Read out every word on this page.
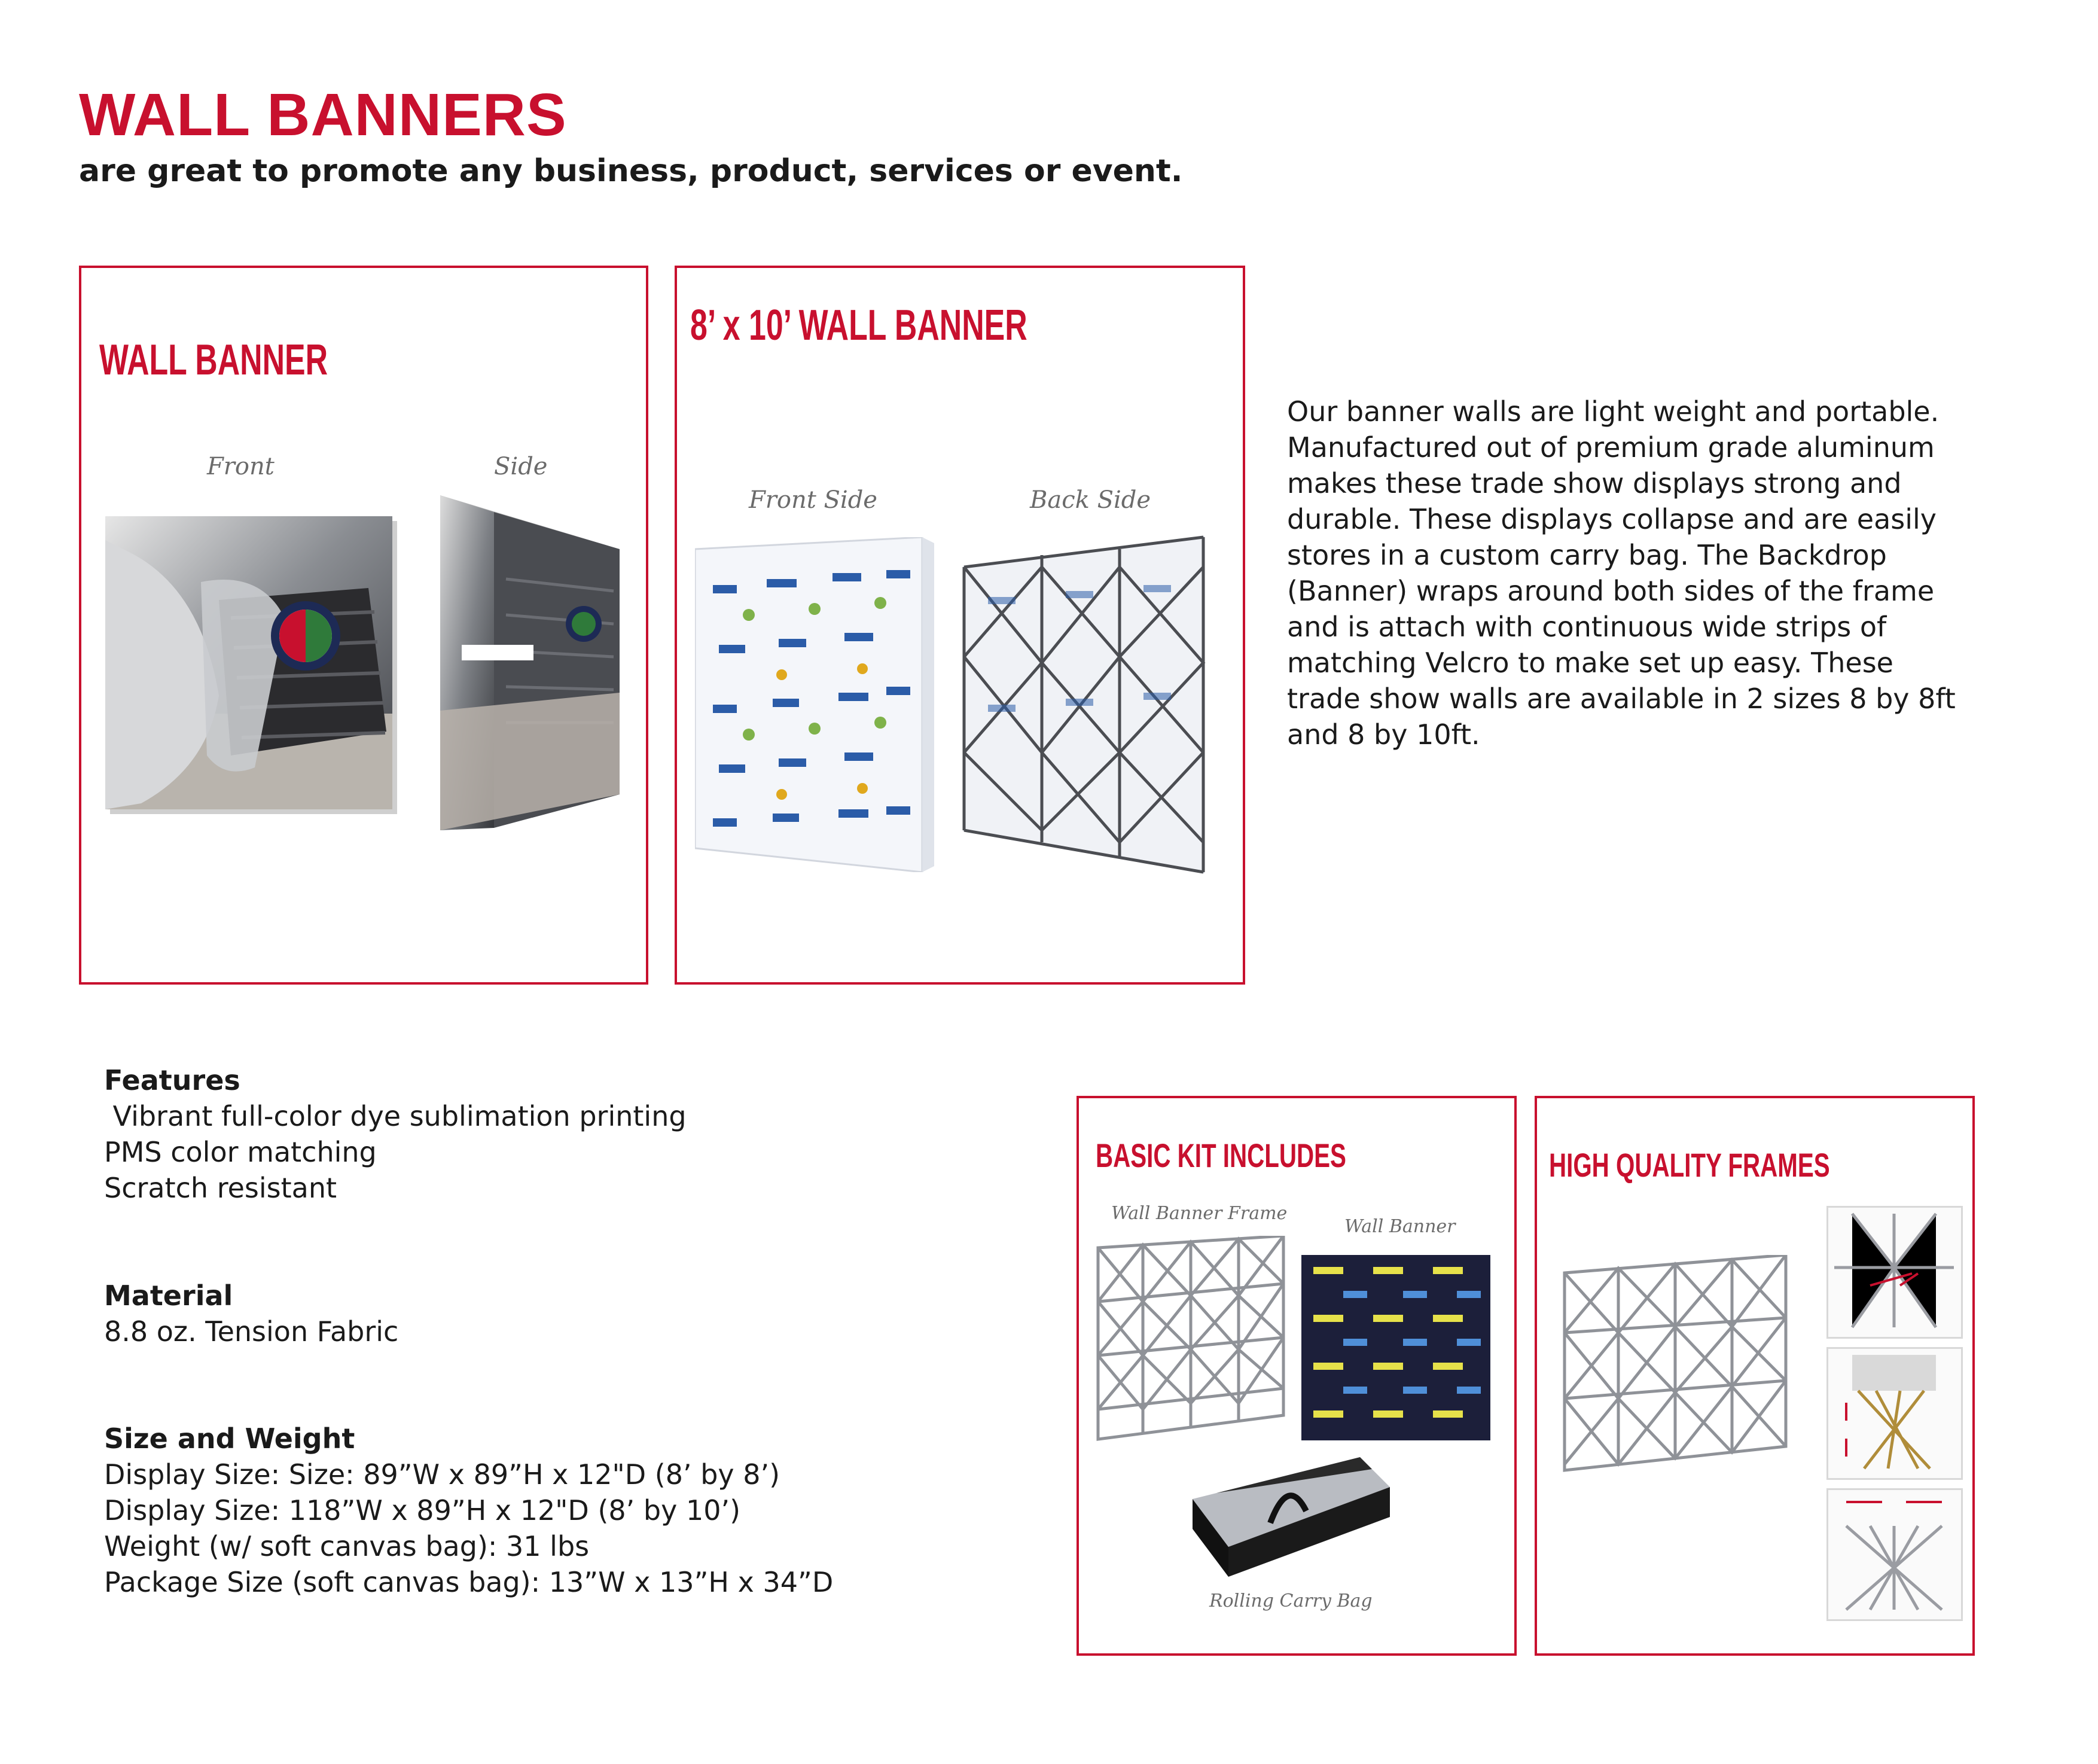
WALL BANNERS
are great to promote any business, product, services or event.
WALL BANNER
Front	Side
8’ x 10’ WALL BANNER
Front Side	Back Side
Our banner walls are light weight and portable. Manufactured out of premium grade aluminum makes these trade show displays strong and durable. These displays collapse and are easily stores in a custom carry bag. The Backdrop (Banner) wraps around both sides of the frame and is attach with continuous wide strips of matching Velcro to make set up easy. These trade show walls are available in 2 sizes 8 by 8ft and 8 by 10ft.
Features
Vibrant full-color dye sublimation printing
PMS color matching
Scratch resistant
Material
8.8 oz. Tension Fabric
Size and Weight
Display Size: Size: 89”W x 89”H x 12"D (8’ by 8’)
Display Size: 118”W x 89”H x 12"D (8’ by 10’)
Weight (w/ soft canvas bag): 31 lbs
Package Size (soft canvas bag): 13”W x 13”H x 34”D
BASIC KIT INCLUDES
Wall Banner Frame
Wall Banner
Rolling Carry Bag
HIGH QUALITY FRAMES
